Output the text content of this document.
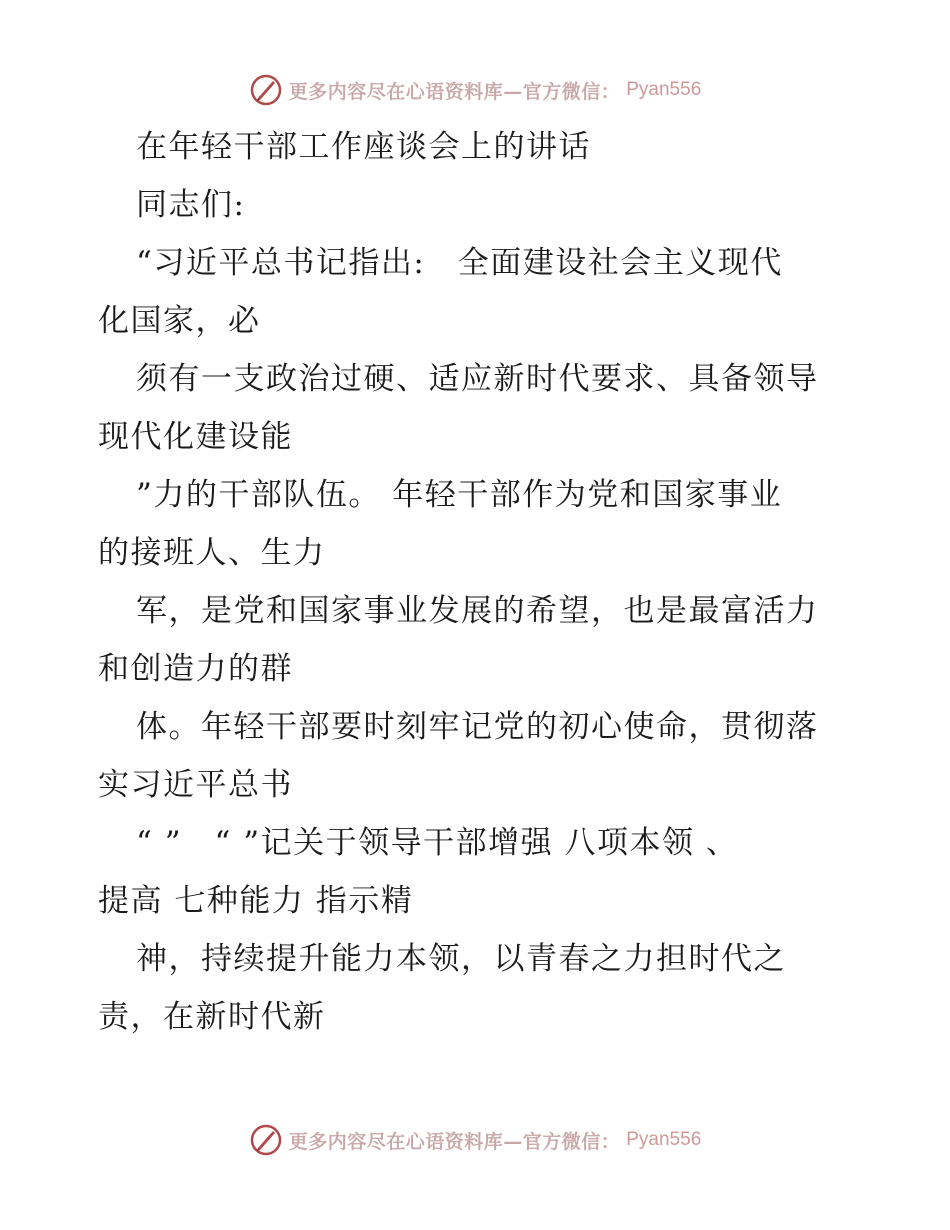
更多内容尽在心语资料库—官方微信： Pyan556
在年轻干部工作座谈会上的讲话
同志们:
“习近平总书记指出:　全面建设社会主义现代
化国家，必
须有一支政治过硬、适应新时代要求、具备领导
现代化建设能
”力的干部队伍。 年轻干部作为党和国家事业
的接班人、生力
军，是党和国家事业发展的希望，也是最富活力
和创造力的群
体。年轻干部要时刻牢记党的初心使命，贯彻落
实习近平总书
“ ”　“ ”记关于领导干部增强 八项本领 、
提高 七种能力 指示精
神，持续提升能力本领，以青春之力担时代之
责，在新时代新
更多内容尽在心语资料库—官方微信： Pyan556
